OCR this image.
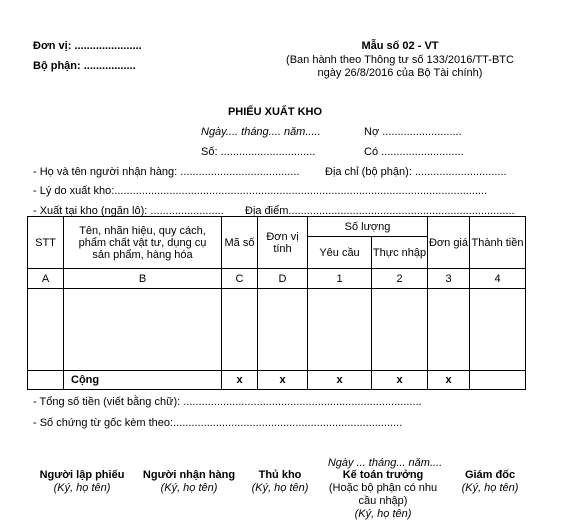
Đơn vị: ......................
Bộ phận: .................
Mẫu số 02 - VT
(Ban hành theo Thông tư số 133/2016/TT-BTC
ngày 26/8/2016 của Bộ Tài chính)
PHIẾU XUẤT KHO
Ngày.... tháng.... năm.....	Nợ ..........................
Số: ...............................	Có ...........................
- Họ và tên người nhận hàng: ....................................... Địa chỉ (bộ phận): ..............................
- Lý do xuất kho:..........................................................................................................................
- Xuất tại kho (ngăn lô): ........................ Địa điểm..........................................................................
STT	Tên, nhãn hiệu, quy cách, phẩm chất vật tư, dụng cụ sản phẩm, hàng hóa	Mã số	Đơn vị tính	Số lượng		Đơn giá	Thành tiền
				Yêu cầu	Thực nhập		
A	B	C	D	1	2	3	4

	Cộng	x	x	x	x	x	
- Tổng số tiền (viết bằng chữ): ..............................................................................
- Số chứng từ gốc kèm theo:...........................................................................
Ngày ... tháng... năm....
Người lập phiếu
(Ký, họ tên)
Người nhận hàng
(Ký, họ tên)
Thủ kho
(Ký, họ tên)
Kế toán trưởng
(Hoặc bộ phận có nhu cầu nhập)
(Ký, họ tên)
Giám đốc
(Ký, họ tên)
